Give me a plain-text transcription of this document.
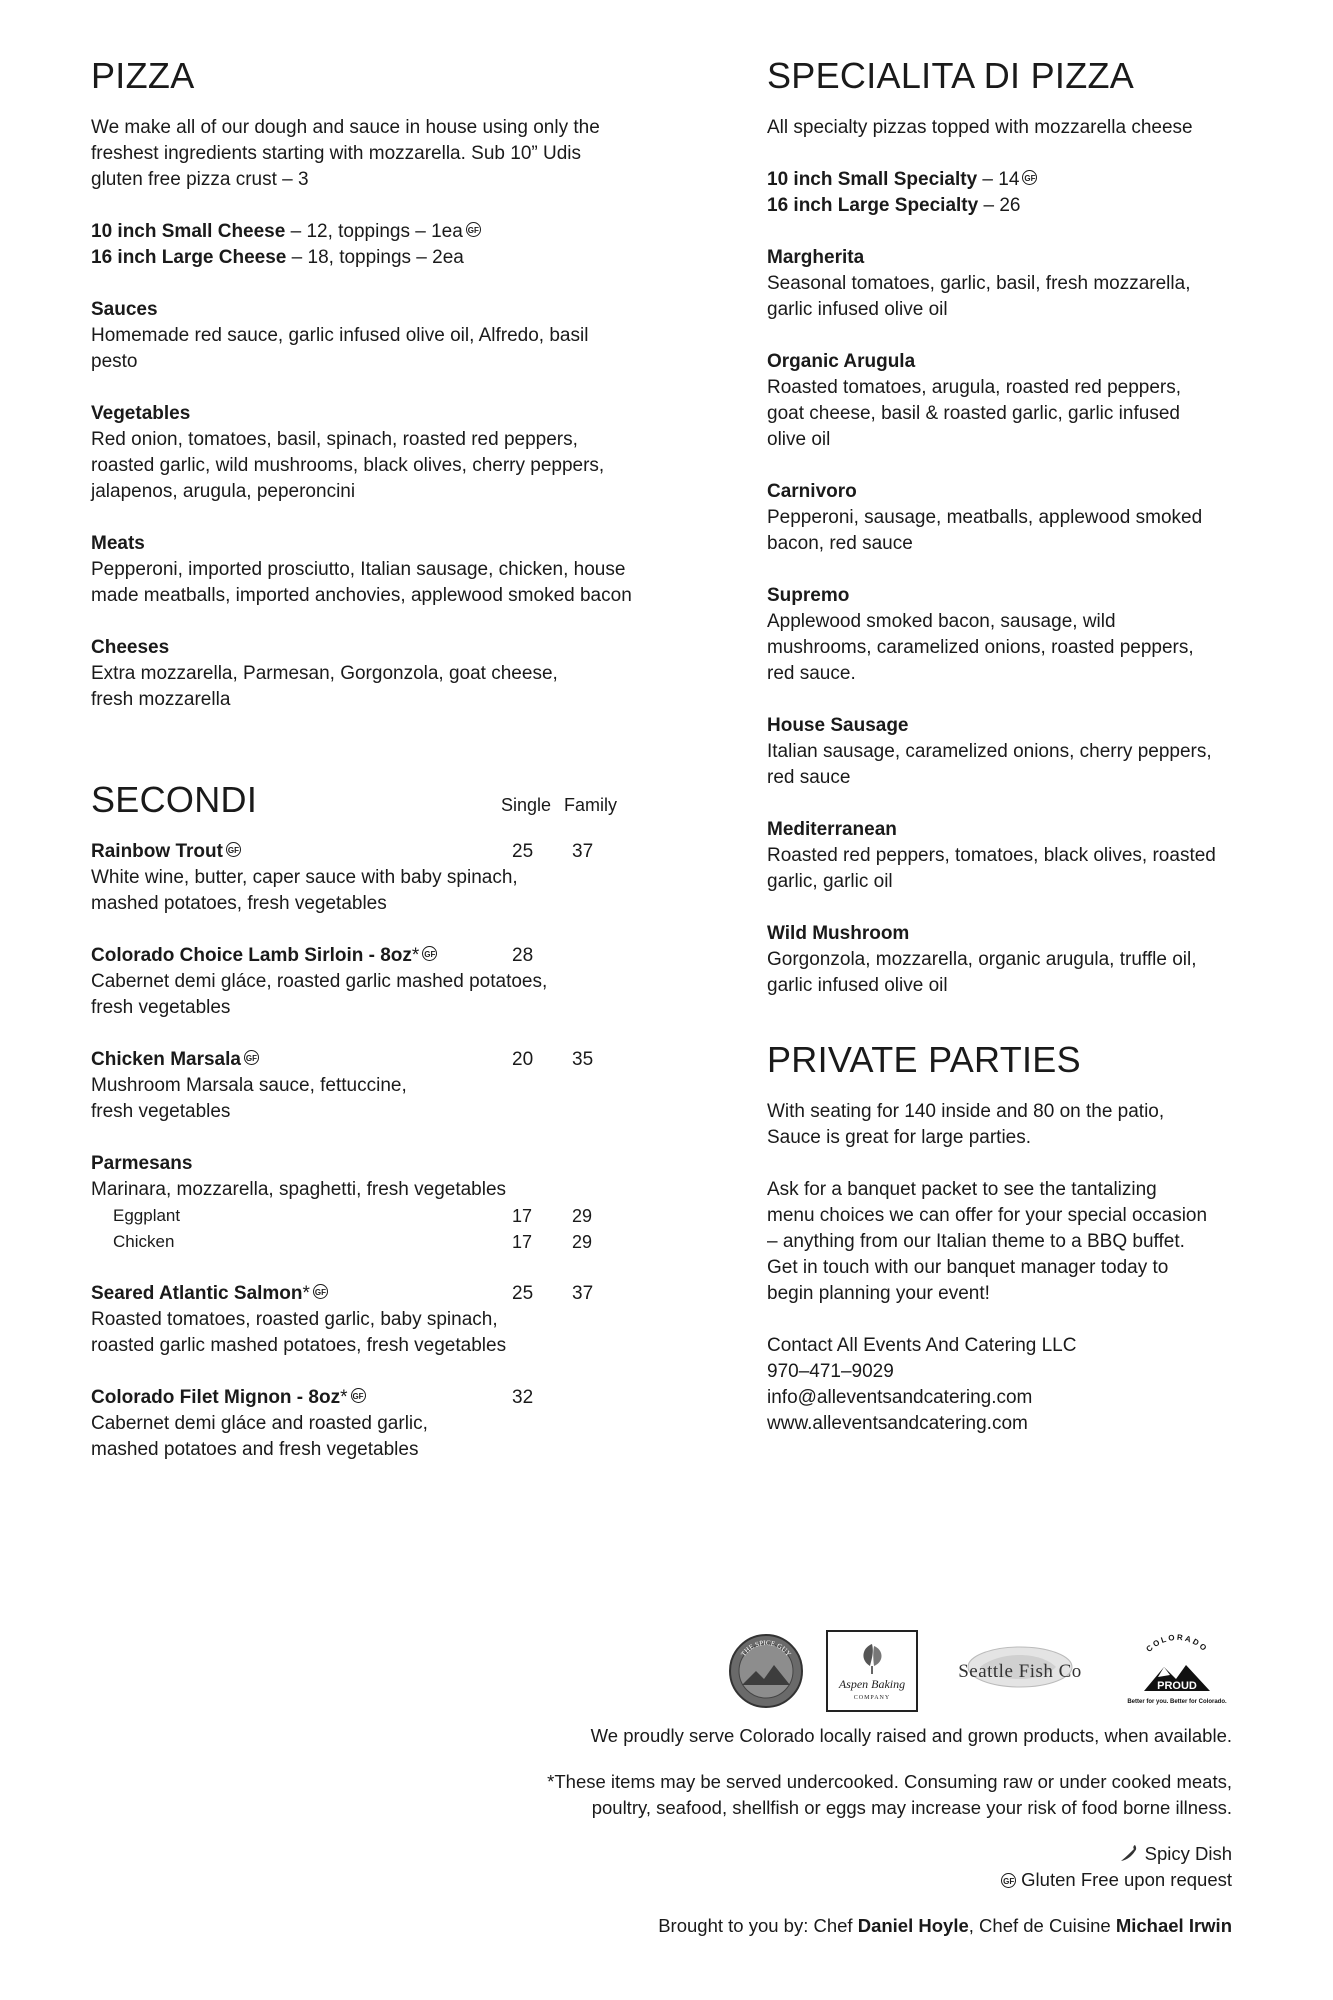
PIZZA

We make all of our dough and sauce in house using only the

freshest ingredients starting with mozzarella. Sub 10” Udis

gluten free pizza crust – 3

10 inch Small Cheese – 12, toppings – 1ea GF

16 inch Large Cheese – 18, toppings – 2ea

Sauces

Homemade red sauce, garlic infused olive oil, Alfredo, basil

pesto

Vegetables

Red onion, tomatoes, basil, spinach, roasted red peppers,

roasted garlic, wild mushrooms, black olives, cherry peppers,

jalapenos, arugula, peperoncini

Meats

Pepperoni, imported prosciutto, Italian sausage, chicken, house

made meatballs, imported anchovies, applewood smoked bacon

Cheeses

Extra mozzarella, Parmesan, Gorgonzola, goat cheese,

fresh mozzarella

SECONDI	Single Family
Rainbow Trout GF	25 37

White wine, butter, caper sauce with baby spinach,

mashed potatoes, fresh vegetables

Colorado Choice Lamb Sirloin - 8oz* GF	28

Cabernet demi gláce, roasted garlic mashed potatoes,

fresh vegetables

Chicken Marsala GF	20 35

Mushroom Marsala sauce, fettuccine,

fresh vegetables

Parmesans

Marinara, mozzarella, spaghetti, fresh vegetables

Eggplant	17 29
Chicken	17 29
Seared Atlantic Salmon* GF	25 37

Roasted tomatoes, roasted garlic, baby spinach,

roasted garlic mashed potatoes, fresh vegetables

Colorado Filet Mignon - 8oz* GF	32

Cabernet demi gláce and roasted garlic,

mashed potatoes and fresh vegetables

SPECIALITA DI PIZZA

All specialty pizzas topped with mozzarella cheese

10 inch Small Specialty – 14 GF

16 inch Large Specialty – 26

Margherita

Seasonal tomatoes, garlic, basil, fresh mozzarella,

garlic infused olive oil

Organic Arugula

Roasted tomatoes, arugula, roasted red peppers,

goat cheese, basil & roasted garlic, garlic infused

olive oil

Carnivoro

Pepperoni, sausage, meatballs, applewood smoked

bacon, red sauce

Supremo

Applewood smoked bacon, sausage, wild

mushrooms, caramelized onions, roasted peppers,

red sauce.

House Sausage

Italian sausage, caramelized onions, cherry peppers,

red sauce

Mediterranean

Roasted red peppers, tomatoes, black olives, roasted

garlic, garlic oil

Wild Mushroom

Gorgonzola, mozzarella, organic arugula, truffle oil,

garlic infused olive oil

PRIVATE PARTIES

With seating for 140 inside and 80 on the patio,

Sauce is great for large parties.

Ask for a banquet packet to see the tantalizing

menu choices we can offer for your special occasion

– anything from our Italian theme to a BBQ buffet.

Get in touch with our banquet manager today to

begin planning your event!

Contact All Events And Catering LLC

970–471–9029

info@alleventsandcatering.com

www.alleventsandcatering.com

THE SPICE GUY
Aspen Baking
COMPANY
Seattle Fish Co
COLORADO
PROUD
Better for you. Better for Colorado.

We proudly serve Colorado locally raised and grown products, when available.

*These items may be served undercooked. Consuming raw or under cooked meats,

poultry, seafood, shellfish or eggs may increase your risk of food borne illness.

Spicy Dish

GF Gluten Free upon request

Brought to you by: Chef Daniel Hoyle, Chef de Cuisine Michael Irwin
